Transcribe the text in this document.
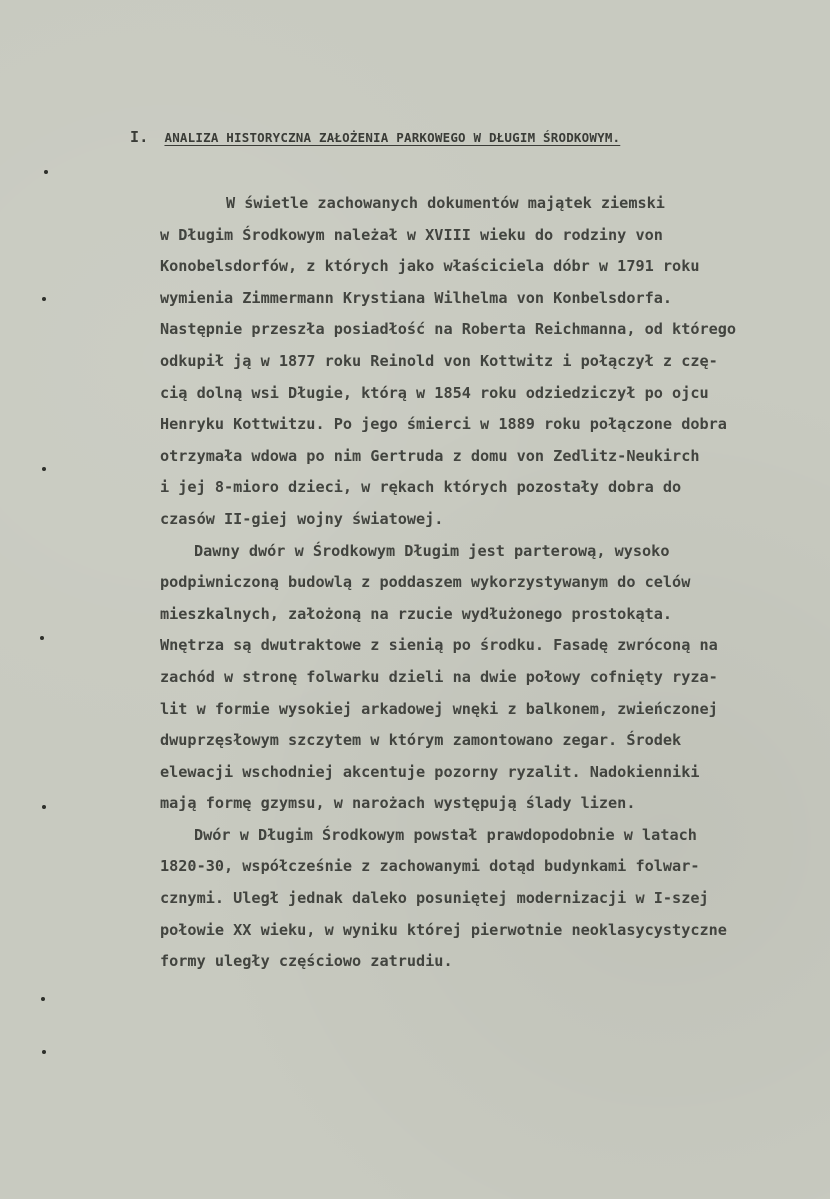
I. ANALIZA HISTORYCZNA ZAŁOŻENIA PARKOWEGO W DŁUGIM ŚRODKOWYM.
W świetle zachowanych dokumentów majątek ziemski
w Długim Środkowym należał w XVIII wieku do rodziny von
Konobelsdorfów, z których jako właściciela dóbr w 1791 roku
wymienia Zimmermann Krystiana Wilhelma von Konbelsdorfa.
Następnie przeszła posiadłość na Roberta Reichmanna, od którego
odkupił ją w 1877 roku Reinold von Kottwitz i połączył z czę-
cią dolną wsi Długie, którą w 1854 roku odziedziczył po ojcu
Henryku Kottwitzu. Po jego śmierci w 1889 roku połączone dobra
otrzymała wdowa po nim Gertruda z domu von Zedlitz-Neukirch
i jej 8-mioro dzieci, w rękach których pozostały dobra do
czasów II-giej wojny światowej.
Dawny dwór w Środkowym Długim jest parterową, wysoko
podpiwniczoną budowlą z poddaszem wykorzystywanym do celów
mieszkalnych, założoną na rzucie wydłużonego prostokąta.
Wnętrza są dwutraktowe z sienią po środku. Fasadę zwróconą na
zachód w stronę folwarku dzieli na dwie połowy cofnięty ryza-
lit w formie wysokiej arkadowej wnęki z balkonem, zwieńczonej
dwuprzęsłowym szczytem w którym zamontowano zegar. Środek
elewacji wschodniej akcentuje pozorny ryzalit. Nadokienniki
mają formę gzymsu, w narożach występują ślady lizen.
Dwór w Długim Środkowym powstał prawdopodobnie w latach
1820-30, współcześnie z zachowanymi dotąd budynkami folwar-
cznymi. Uległ jednak daleko posuniętej modernizacji w I-szej
połowie XX wieku, w wyniku której pierwotnie neoklasycystyczne
formy uległy częściowo zatrudiu.
